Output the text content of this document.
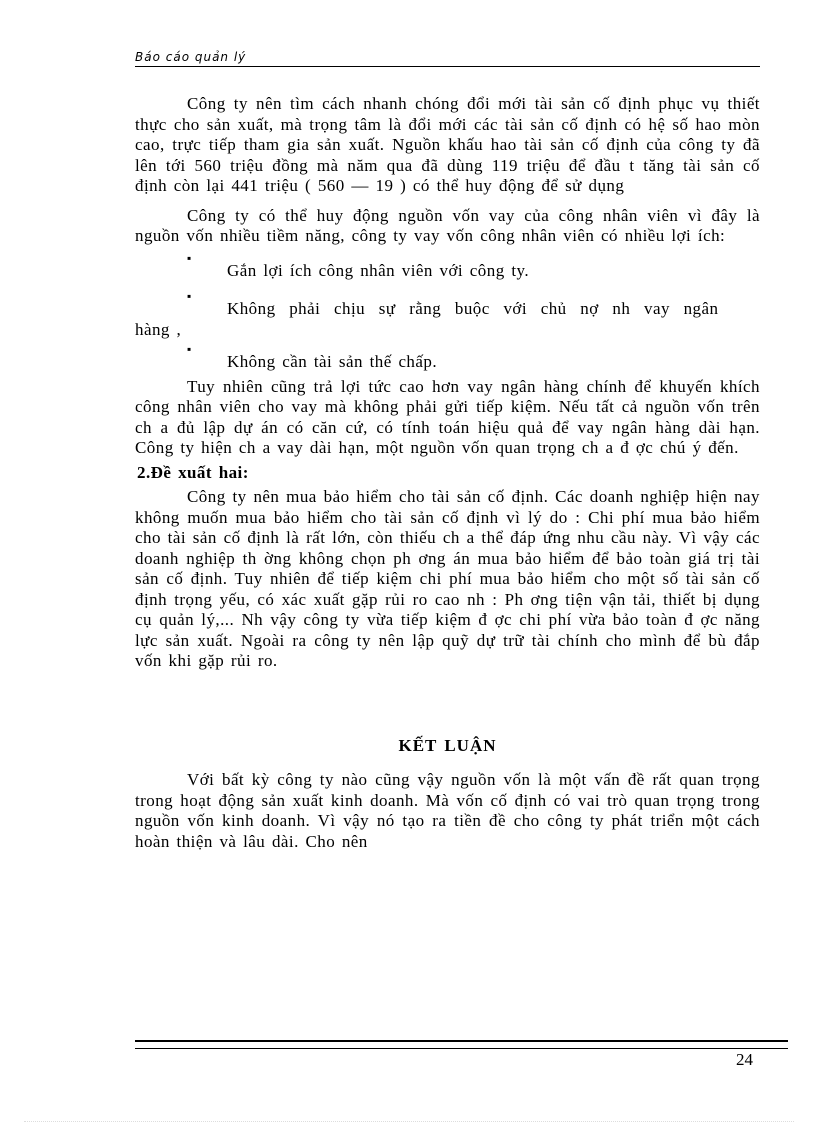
Báo cáo quản lý

Công ty nên tìm cách nhanh chóng đổi mới tài sản cố định phục vụ thiết thực cho sản xuất, mà trọng tâm là đổi mới các tài sản cố định có hệ số hao mòn cao, trực tiếp tham gia sản xuất. Nguồn khấu hao tài sản cố định của công ty đã lên tới 560 triệu đồng mà năm qua đã dùng 119 triệu để đầu t tăng tài sản cố định còn lại 441 triệu ( 560 — 19 ) có thể huy động để sử dụng

Công ty có thể huy động nguồn vốn vay của công nhân viên vì đây là nguồn vốn nhiều tiềm năng, công ty vay vốn công nhân viên có nhiều lợi ích:

▪
Gắn lợi ích công nhân viên với công ty.
▪
Không phải chịu sự rằng buộc với chủ nợ nh vay ngân
hàng ,
▪
Không cần tài sản thế chấp.

Tuy nhiên cũng trả lợi tức cao hơn vay ngân hàng chính để khuyến khích công nhân viên cho vay mà không phải gửi tiếp kiệm. Nếu tất cả nguồn vốn trên ch a đủ lập dự án có căn cứ, có tính toán hiệu quả để vay ngân hàng dài hạn. Công ty hiện ch a vay dài hạn, một nguồn vốn quan trọng ch a đ ợc chú ý đến.

2.Đề xuất hai:

Công ty nên mua bảo hiểm cho tài sản cố định. Các doanh nghiệp hiện nay không muốn mua bảo hiểm cho tài sản cố định vì lý do : Chi phí mua bảo hiểm cho tài sản cố định là rất lớn, còn thiếu ch a thể đáp ứng nhu cầu này. Vì vậy các doanh nghiệp th ờng không chọn ph ơng án mua bảo hiểm để bảo toàn giá trị tài sản cố định. Tuy nhiên để tiếp kiệm chi phí mua bảo hiểm cho một số tài sản cố định trọng yếu, có xác xuất gặp rủi ro cao nh : Ph ơng tiện vận tải, thiết bị dụng cụ quản lý,... Nh vậy công ty vừa tiếp kiệm đ ợc chi phí vừa bảo toàn đ ợc năng lực sản xuất. Ngoài ra công ty nên lập quỹ dự trữ tài chính cho mình để bù đắp vốn khi gặp rủi ro.

KẾT LUẬN

Với bất kỳ công ty nào cũng vậy nguồn vốn là một vấn đề rất quan trọng trong hoạt động sản xuất kinh doanh. Mà vốn cố định có vai trò quan trọng trong nguồn vốn kinh doanh. Vì vậy nó tạo ra tiền đề cho công ty phát triển một cách hoàn thiện và lâu dài. Cho nên

24
